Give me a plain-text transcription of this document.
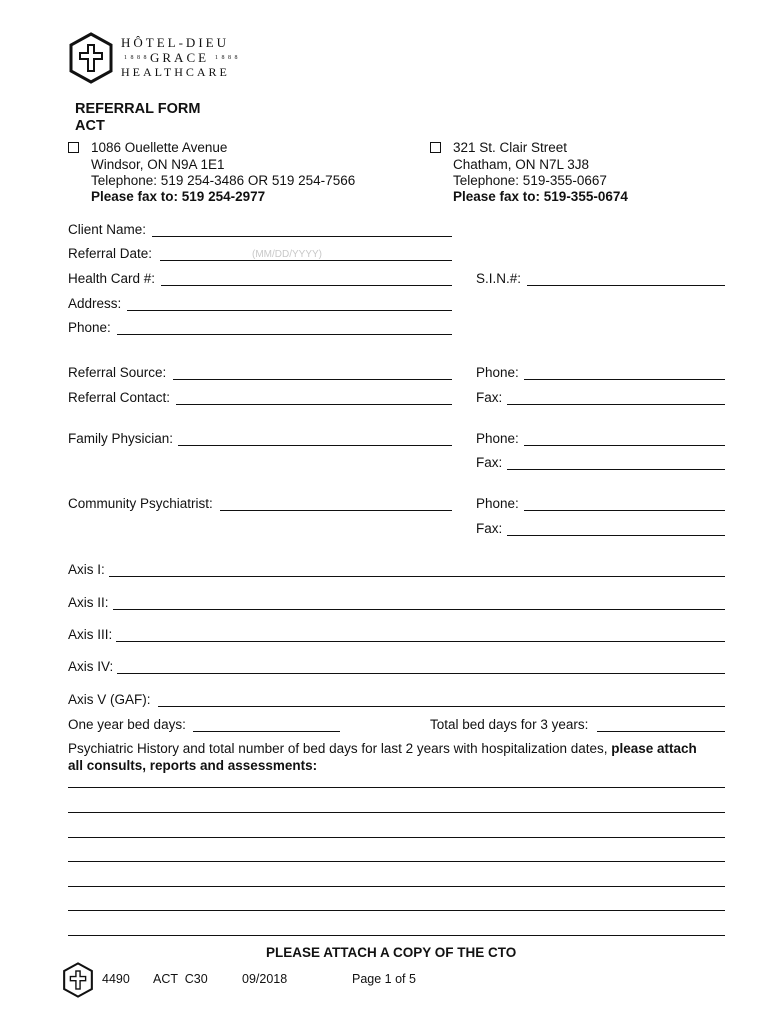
HÔTEL-DIEU
1 8 8 8 GRACE 1 8 8 8
HEALTHCARE
REFERRAL FORM
ACT
1086 Ouellette Avenue
Windsor, ON N9A 1E1
Telephone: 519 254-3486 OR 519 254-7566
Please fax to: 519 254-2977
321 St. Clair Street
Chatham, ON N7L 3J8
Telephone: 519-355-0667
Please fax to: 519-355-0674
Client Name:
Referral Date:	(MM/DD/YYYY)
Health Card #:	S.I.N.#:
Address:
Phone:
Referral Source:	Phone:
Referral Contact:	Fax:
Family Physician:	Phone:
Fax:
Community Psychiatrist:	Phone:
Fax:
Axis I:
Axis II:
Axis III:
Axis IV:
Axis V (GAF):
One year bed days:	Total bed days for 3 years:
Psychiatric History and total number of bed days for last 2 years with hospitalization dates, please attach
all consults, reports and assessments:
PLEASE ATTACH A COPY OF THE CTO
4490 ACT  C30	09/2018	Page 1 of 5
